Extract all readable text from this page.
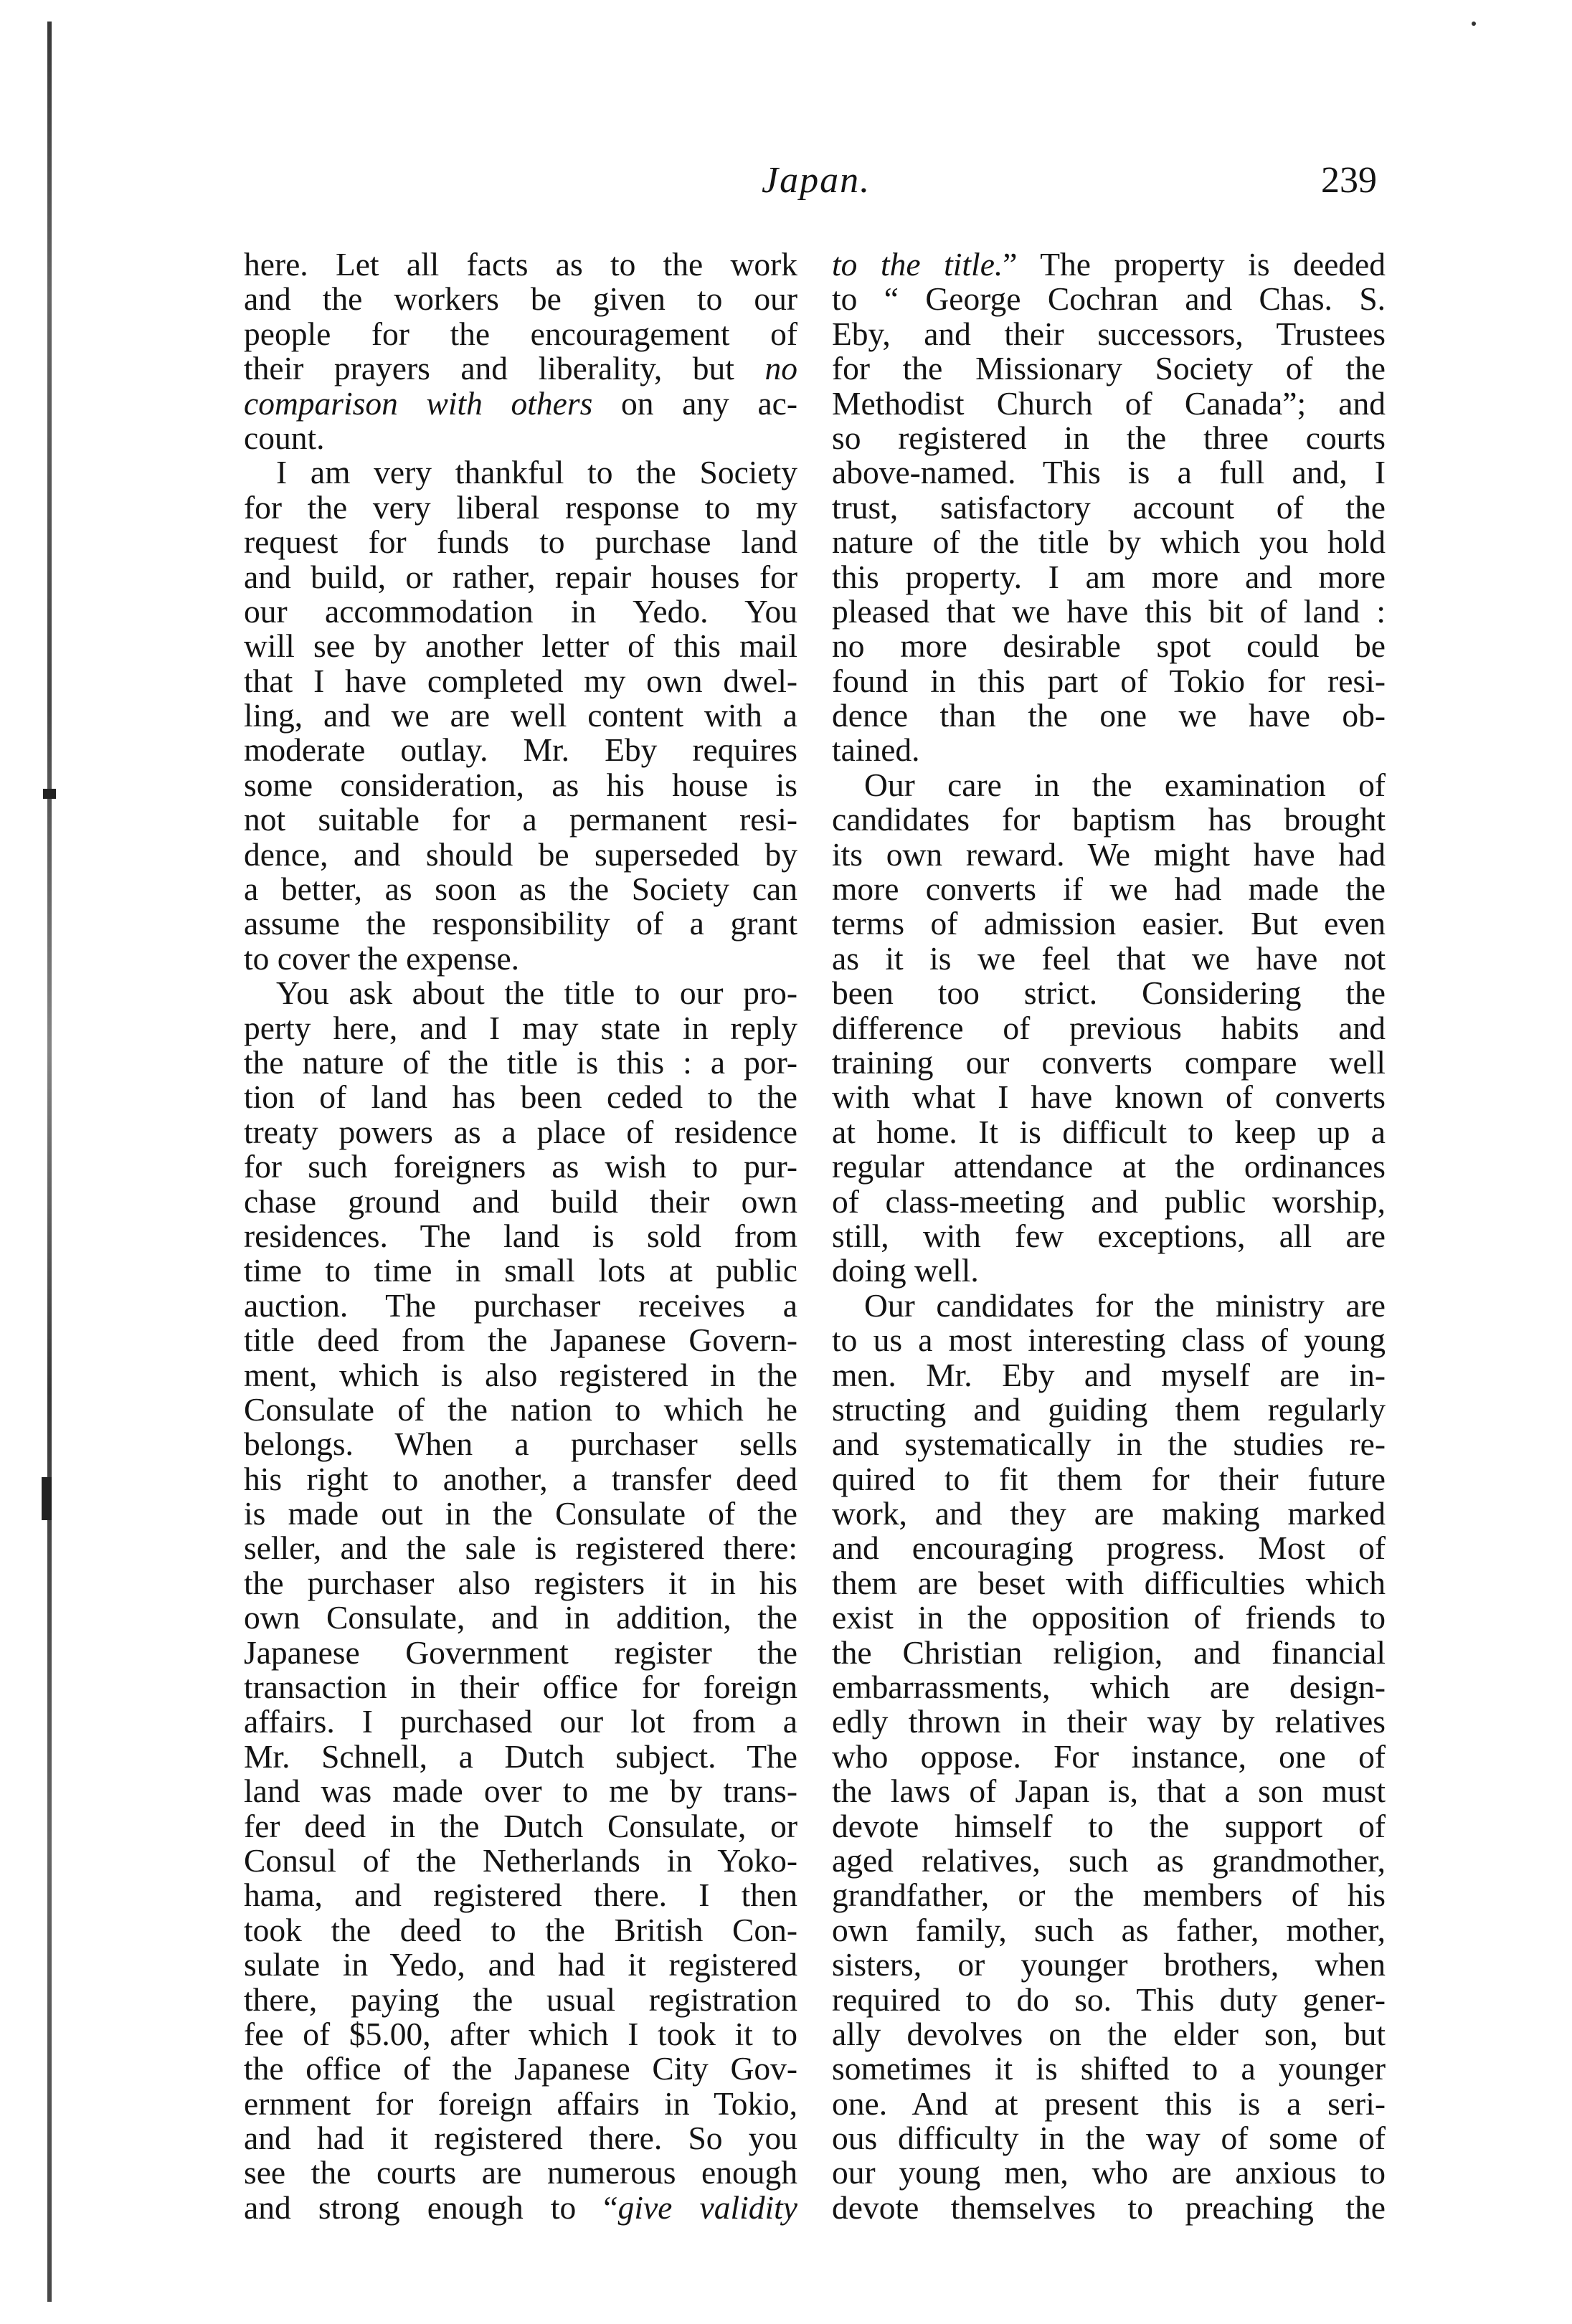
Japan.	239
here. Let all facts as to the work
and the workers be given to our
people for the encouragement of
their prayers and liberality, but no
comparison with others on any ac-
count.
I am very thankful to the Society
for the very liberal response to my
request for funds to purchase land
and build, or rather, repair houses for
our accommodation in Yedo. You
will see by another letter of this mail
that I have completed my own dwel-
ling, and we are well content with a
moderate outlay. Mr. Eby requires
some consideration, as his house is
not suitable for a permanent resi-
dence, and should be superseded by
a better, as soon as the Society can
assume the responsibility of a grant
to cover the expense.
You ask about the title to our pro-
perty here, and I may state in reply
the nature of the title is this : a por-
tion of land has been ceded to the
treaty powers as a place of residence
for such foreigners as wish to pur-
chase ground and build their own
residences. The land is sold from
time to time in small lots at public
auction. The purchaser receives a
title deed from the Japanese Govern-
ment, which is also registered in the
Consulate of the nation to which he
belongs. When a purchaser sells
his right to another, a transfer deed
is made out in the Consulate of the
seller, and the sale is registered there:
the purchaser also registers it in his
own Consulate, and in addition, the
Japanese Government register the
transaction in their office for foreign
affairs. I purchased our lot from a
Mr. Schnell, a Dutch subject. The
land was made over to me by trans-
fer deed in the Dutch Consulate, or
Consul of the Netherlands in Yoko-
hama, and registered there. I then
took the deed to the British Con-
sulate in Yedo, and had it registered
there, paying the usual registration
fee of $5.00, after which I took it to
the office of the Japanese City Gov-
ernment for foreign affairs in Tokio,
and had it registered there. So you
see the courts are numerous enough
and strong enough to “give validity
to the title.” The property is deeded
to “ George Cochran and Chas. S.
Eby, and their successors, Trustees
for the Missionary Society of the
Methodist Church of Canada”; and
so registered in the three courts
above-named. This is a full and, I
trust, satisfactory account of the
nature of the title by which you hold
this property. I am more and more
pleased that we have this bit of land :
no more desirable spot could be
found in this part of Tokio for resi-
dence than the one we have ob-
tained.
Our care in the examination of
candidates for baptism has brought
its own reward. We might have had
more converts if we had made the
terms of admission easier. But even
as it is we feel that we have not
been too strict. Considering the
difference of previous habits and
training our converts compare well
with what I have known of converts
at home. It is difficult to keep up a
regular attendance at the ordinances
of class-meeting and public worship,
still, with few exceptions, all are
doing well.
Our candidates for the ministry are
to us a most interesting class of young
men. Mr. Eby and myself are in-
structing and guiding them regularly
and systematically in the studies re-
quired to fit them for their future
work, and they are making marked
and encouraging progress. Most of
them are beset with difficulties which
exist in the opposition of friends to
the Christian religion, and financial
embarrassments, which are design-
edly thrown in their way by relatives
who oppose. For instance, one of
the laws of Japan is, that a son must
devote himself to the support of
aged relatives, such as grandmother,
grandfather, or the members of his
own family, such as father, mother,
sisters, or younger brothers, when
required to do so. This duty gener-
ally devolves on the elder son, but
sometimes it is shifted to a younger
one. And at present this is a seri-
ous difficulty in the way of some of
our young men, who are anxious to
devote themselves to preaching the
